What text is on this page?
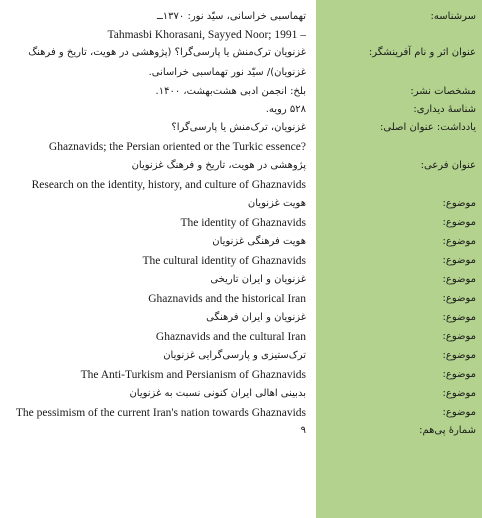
سرشناسه:
عنوان اثر و نام آفرینشگر:
مشخصات نشر:
شناسهٔ دیداری:
یادداشت: عنوان اصلی:
عنوان فرعی:
موضوع:
موضوع:
موضوع:
موضوع:
موضوع:
موضوع:
موضوع:
موضوع:
موضوع:
موضوع:
موضوع:
موضوع:
شمارهٔ پی‌هم:
تهماسبی خراسانی، سیّد نور: ۱۳۷۰ــ
Tahmasbi Khorasani, Sayyed Noor; 1991 –
غزنویان ترک‌منش یا پارسی‌گرا؟ (پژوهشی در هویت، تاریخ و فرهنگ
غزنویان)/ سیّد نور تهماسبی خراسانی.
بلخ: انجمن ادبی هشت‌بهشت، ۱۴۰۰.
۵۲۸ رویه.
غزنویان، ترک‌منش یا پارسی‌گرا؟
Ghaznavids; the Persian oriented or the Turkic essence?
پژوهشی در هویت، تاریخ و فرهنگ غزنویان
Research on the identity, history, and culture of Ghaznavids
هویت غزنویان
The identity of Ghaznavids
هویت فرهنگی غزنویان
The cultural identity of Ghaznavids
غزنویان و ایران تاریخی
Ghaznavids and the historical Iran
غزنویان و ایران فرهنگی
Ghaznavids and the cultural Iran
ترک‌ستیزی و پارسی‌گرایی غزنویان
The Anti-Turkism and Persianism of Ghaznavids
بدبینی اهالی ایران کنونی نسبت به غزنویان
The pessimism of the current Iran's nation towards Ghaznavids
۹
